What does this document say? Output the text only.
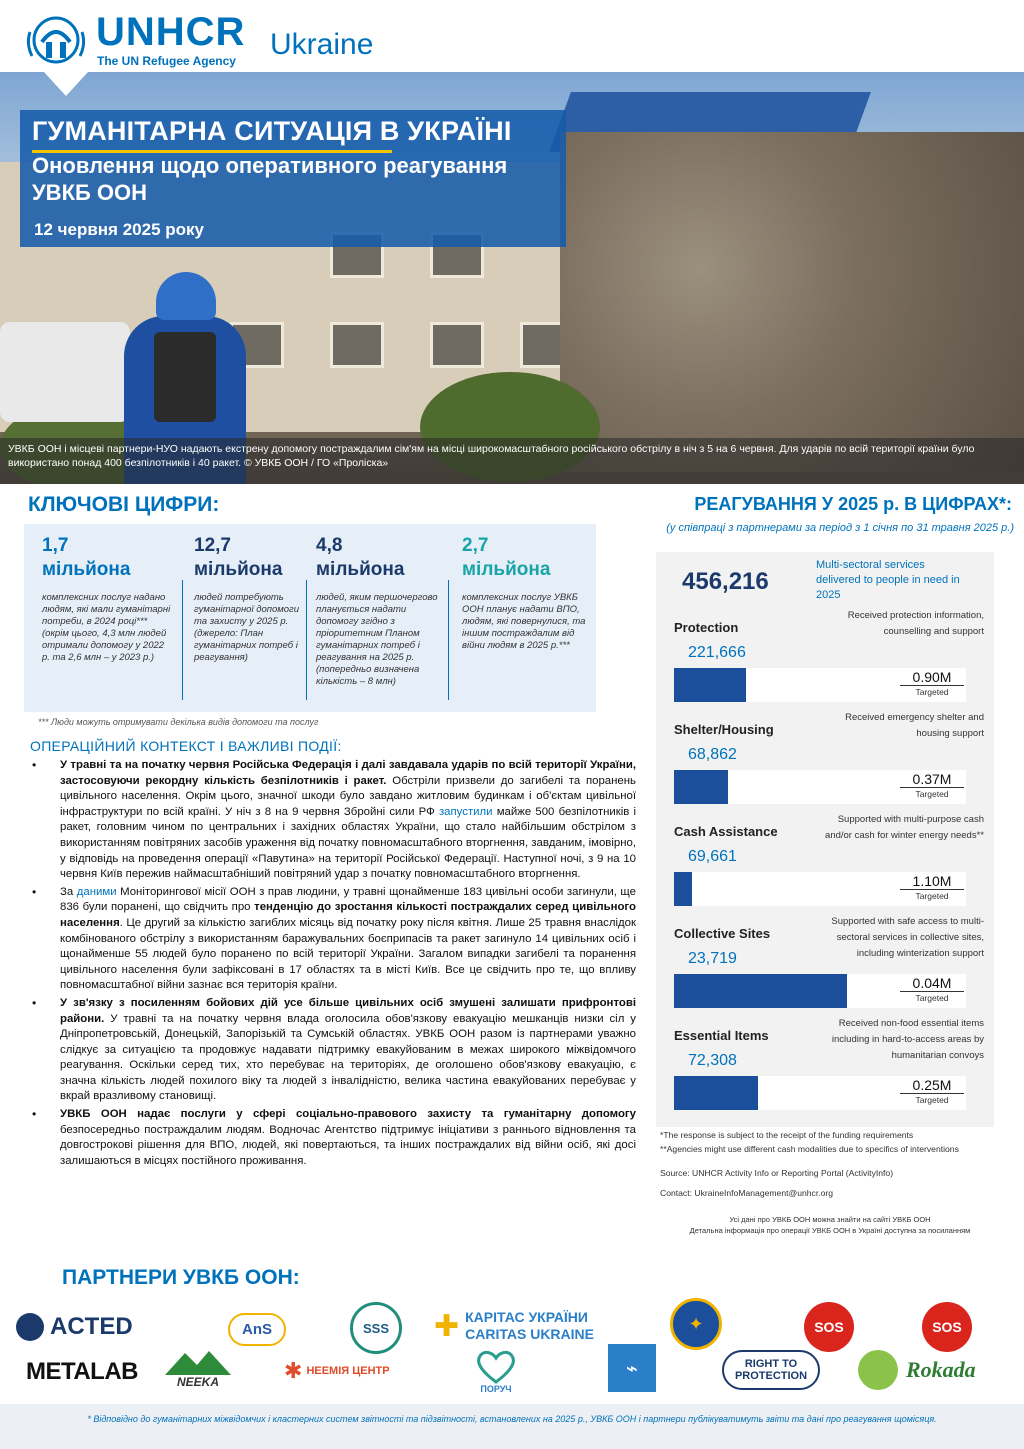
UNHCR
The UN Refugee Agency Ukraine
ГУМАНІТАРНА СИТУАЦІЯ В УКРАЇНІ
Оновлення щодо оперативного реагування УВКБ ООН
12 червня 2025 року
УВКБ ООН і місцеві партнери-НУО надають екстрену допомогу постраждалим сім'ям на місці широкомасштабного російського обстрілу в ніч з 5 на 6 червня. Для ударів по всій території країни було використано понад 400 безпілотників і 40 ракет. © УВКБ ООН / ГО «Проліска»
КЛЮЧОВІ ЦИФРИ:
1,7
мільйона
комплексних послуг надано людям, які мали гуманітарні потреби, в 2024 році*** (окрім цього, 4,3 млн людей отримали допомогу у 2022 р. та 2,6 млн – у 2023 р.)
12,7
мільйона
людей потребують гуманітарної допомоги та захисту у 2025 р. (джерело: План гуманітарних потреб і реагування)
4,8
мільйона
людей, яким першочергово планується надати допомогу згідно з пріоритетним Планом гуманітарних потреб і реагування на 2025 р. (попередньо визначена кількість – 8 млн)
2,7
мільйона
комплексних послуг УВКБ ООН планує надати ВПО, людям, які повернулися, та іншим постраждалим від війни людям в 2025 р.***
*** Люди можуть отримувати декілька видів допомоги та послуг
ОПЕРАЦІЙНИЙ КОНТЕКСТ І ВАЖЛИВІ ПОДІЇ:
• У травні та на початку червня Російська Федерація і далі завдавала ударів по всій території України, застосовуючи рекордну кількість безпілотників і ракет. Обстріли призвели до загибелі та поранень цивільного населення. Окрім цього, значної шкоди було завдано житловим будинкам і об'єктам цивільної інфраструктури по всій країні. У ніч з 8 на 9 червня Збройні сили РФ запустили майже 500 безпілотників і ракет, головним чином по центральних і західних областях України, що стало найбільшим обстрілом з використанням повітряних засобів ураження від початку повномасштабного вторгнення, завданим, імовірно, у відповідь на проведення операції «Павутина» на території Російської Федерації. Наступної ночі, з 9 на 10 червня Київ пережив наймасштабніший повітряний удар з початку повномасштабного вторгнення.
• За даними Моніторингової місії ООН з прав людини, у травні щонайменше 183 цивільні особи загинули, ще 836 були поранені, що свідчить про тенденцію до зростання кількості постраждалих серед цивільного населення. Це другий за кількістю загиблих місяць від початку року після квітня. Лише 25 травня внаслідок комбінованого обстрілу з використанням баражувальних боєприпасів та ракет загинуло 14 цивільних осіб і щонайменше 55 людей було поранено по всій території України. Загалом випадки загибелі та поранення цивільного населення були зафіксовані в 17 областях та в місті Київ. Все це свідчить про те, що впливу повномасштабної війни зазнає вся територія країни.
• У зв'язку з посиленням бойових дій усе більше цивільних осіб змушені залишати прифронтові райони. У травні та на початку червня влада оголосила обов'язкову евакуацію мешканців низки сіл у Дніпропетровській, Донецькій, Запорізькій та Сумській областях. УВКБ ООН разом із партнерами уважно слідкує за ситуацією та продовжує надавати підтримку евакуйованим в межах широкого міжвідомчого реагування. Оскільки серед тих, хто перебуває на територіях, де оголошено обов'язкову евакуацію, є значна кількість людей похилого віку та людей з інвалідністю, велика частина евакуйованих перебуває у вкрай вразливому становищі.
• УВКБ ООН надає послуги у сфері соціально-правового захисту та гуманітарну допомогу безпосередньо постраждалим людям. Водночас Агентство підтримує ініціативи з раннього відновлення та довгострокові рішення для ВПО, людей, які повертаються, та інших постраждалих від війни осіб, які досі залишаються в місцях постійного проживання.
РЕАГУВАННЯ У 2025 р. В ЦИФРАХ*:
(у співпраці з партнерами за період з 1 січня по 31 травня 2025 р.)
456,216
Multi-sectoral services delivered to people in need in 2025
Protection
221,666
Received protection information, counselling and support
0.90M
Targeted
Shelter/Housing
68,862
Received emergency shelter and housing support
0.37M
Targeted
Cash Assistance
69,661
Supported with multi-purpose cash and/or cash for winter energy needs**
1.10M
Targeted
Collective Sites
23,719
Supported with safe access to multi-sectoral services in collective sites, including winterization support
0.04M
Targeted
Essential Items
72,308
Received non-food essential items including in hard-to-access areas by humanitarian convoys
0.25M
Targeted
*The response is subject to the receipt of the funding requirements
**Agencies might use different cash modalities due to specifics of interventions
Source: UNHCR Activity Info or Reporting Portal (ActivityInfo)
Contact: UkraineInfoManagement@unhcr.org
Усі дані про УВКБ ООН можна знайти на сайті УВКБ ООН
Детальна інформація про операції УВКБ ООН в Україні доступна за посиланням
ПАРТНЕРИ УВКБ ООН:
ACTED	AnS	SSS ✚ КАРІТАС УКРАЇНИ
CARITAS UKRAINE
✦	SOS	SOS
METALAB	NEEKA	✱ НЕЕМІЯ ЦЕНТР
ПОРУЧ
⌁	RIGHT TO PROTECTION	Rokada
* Відповідно до гуманітарних міжвідомчих і кластерних систем звітності та підзвітності, встановлених на 2025 р., УВКБ ООН і партнери публікуватимуть звіти та дані про реагування щомісяця.
